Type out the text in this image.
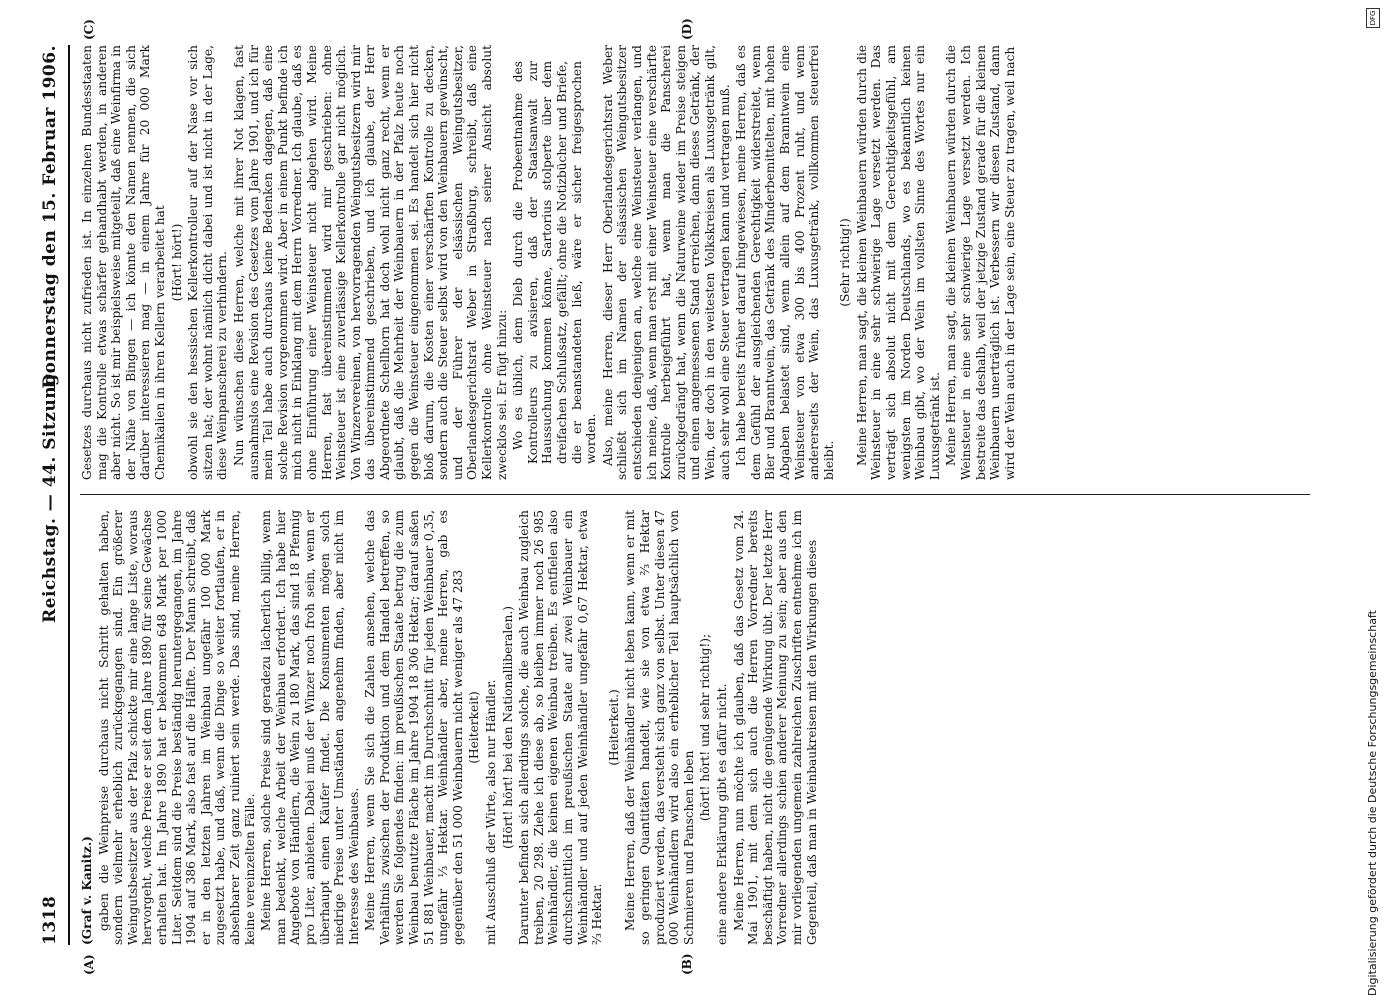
1318
Reichstag. — 44. Sitzung.
Donnerstag den 15. Februar 1906.
(A)	(B)
(C)	(D)

(Graf v. Kanitz.) gaben die Weinpreise durchaus nicht Schritt gehalten haben, sondern vielmehr erheblich zurückgegangen sind. Ein größerer Weingutsbesitzer aus der Pfalz schickte mir eine lange Liste, woraus hervorgeht, welche Preise er seit dem Jahre 1890 für seine Gewächse erhalten hat. Im Jahre 1890 hat er bekommen 648 Mark per 1000 Liter. Seitdem sind die Preise beständig heruntergegangen, im Jahre 1904 auf 386 Mark, also fast auf die Hälfte. Der Mann schreibt, daß er in den letzten Jahren im Weinbau ungefähr 100 000 Mark zugesetzt habe, und daß, wenn die Dinge so weiter fortlaufen, er in absehbarer Zeit ganz ruiniert sein werde. Das sind, meine Herren, keine vereinzelten Fälle. Meine Herren, solche Preise sind geradezu lächerlich billig, wenn man bedenkt, welche Arbeit der Weinbau erfordert. Ich habe hier Angebote von Händlern, die Wein zu 180 Mark, das sind 18 Pfennig pro Liter, anbieten. Dabei muß der Winzer noch froh sein, wenn er überhaupt einen Käufer findet. Die Konsumenten mögen solch niedrige Preise unter Umständen angenehm finden, aber nicht im Interesse des Weinbaues. Meine Herren, wenn Sie sich die Zahlen ansehen, welche das Verhältnis zwischen der Produktion und dem Handel betreffen, so werden Sie folgendes finden: im preußischen Staate betrug die zum Weinbau benutzte Fläche im Jahre 1904 18 306 Hektar; darauf saßen 51 881 Weinbauer, macht im Durchschnitt für jeden Weinbauer 0,35, ungefähr ⅓ Hektar. Weinhändler aber, meine Herren, gab es gegenüber den 51 000 Weinbauern nicht weniger als 47 283 (Heiterkeit) mit Ausschluß der Wirte, also nur Händler. (Hört! hört! bei den Nationalliberalen.) Darunter befinden sich allerdings solche, die auch Weinbau zugleich treiben, 20 298. Ziehe ich diese ab, so bleiben immer noch 26 985 Weinhändler, die keinen eigenen Weinbau treiben. Es entfielen also durchschnittlich im preußischen Staate auf zwei Weinbauer ein Weinhändler und auf jeden Weinhändler ungefähr 0,67 Hektar, etwa ⅔ Hektar.

(Heiterkeit.) Meine Herren, daß der Weinhändler nicht leben kann, wenn er mit so geringen Quantitäten handelt, wie sie von etwa ⅔ Hektar produziert werden, das versteht sich ganz von selbst. Unter diesen 47 000 Weinhändlern wird also ein erheblicher Teil hauptsächlich von Schmieren und Panschen leben

(hört! hört! und sehr richtig!); eine andere Erklärung gibt es dafür nicht. Meine Herren, nun möchte ich glauben, daß das Gesetz vom 24. Mai 1901, mit dem sich auch die Herren Vorredner bereits beschäftigt haben, nicht die genügende Wirkung übt. Der letzte Herr Vorredner allerdings schien anderer Meinung zu sein; aber aus den mir vorliegenden ungemein zahlreichen Zuschriften entnehme ich im Gegenteil, daß man in Weinbaukreisen mit den Wirkungen dieses

Gesetzes durchaus nicht zufrieden ist. In einzelnen Bundesstaaten mag die Kontrolle etwas schärfer gehandhabt werden, in anderen aber nicht. So ist mir beispielsweise mitgeteilt, daß eine Weinfirma in der Nähe von Bingen — ich könnte den Namen nennen, die sich darüber interessieren mag — in einem Jahre für 20 000 Mark Chemikalien in ihren Kellern verarbeitet hat (Hört! hört!) obwohl sie den hessischen Kellerkontrolleur auf der Nase vor sich sitzen hat; der wohnt nämlich dicht dabei und ist nicht in der Lage, diese Weinpanscherei zu verhindern. Nun wünschen diese Herren, welche mit ihrer Not klagen, fast ausnahmslos eine Revision des Gesetzes vom Jahre 1901, und ich für mein Teil habe auch durchaus keine Bedenken dagegen, daß eine solche Revision vorgenommen wird. Aber in einem Punkt befinde ich mich nicht in Einklang mit dem Herrn Vorredner. Ich glaube, daß es ohne Einführung einer Weinsteuer nicht abgehen wird. Meine Herren, fast übereinstimmend wird mir geschrieben: ohne Weinsteuer ist eine zuverlässige Kellerkontrolle gar nicht möglich. Von Winzervereinen, von hervorragenden Weingutsbesitzern wird mir das übereinstimmend geschrieben, und ich glaube, der Herr Abgeordnete Schellhorn hat doch wohl nicht ganz recht, wenn er glaubt, daß die Mehrheit der Weinbauern in der Pfalz heute noch gegen die Weinsteuer eingenommen sei. Es handelt sich hier nicht bloß darum, die Kosten einer verschärften Kontrolle zu decken, sondern auch die Steuer selbst wird von den Weinbauern gewünscht, und der Führer der elsässischen Weingutsbesitzer, Oberlandesgerichtsrat Weber in Straßburg, schreibt, daß eine Kellerkontrolle ohne Weinsteuer nach seiner Ansicht absolut zwecklos sei. Er fügt hinzu: Wo es üblich, dem Dieb durch die Probeentnahme des Kontrolleurs zu avisieren, daß der Staatsanwalt zur Haussuchung kommen könne, Sartorius stolperte über dem dreifachen Schlußsatz, gefällt; ohne die Notizbücher und Briefe, die er beanstandeten ließ, wäre er sicher freigesprochen worden. Also, meine Herren, dieser Herr Oberlandesgerichtsrat Weber schließt sich im Namen der elsässischen Weingutsbesitzer entschieden denjenigen an, welche eine Weinsteuer verlangen, und ich meine, daß, wenn man erst mit einer Weinsteuer eine verschärfte Kontrolle herbeigeführt hat, wenn man die Panscherei zurückgedrängt hat, wenn die Naturweine wieder im Preise steigen und einen angemessenen Stand erreichen, dann dieses Getränk, der Wein, der doch in den weitesten Volkskreisen als Luxusgetränk gilt, auch sehr wohl eine Steuer vertragen kann und vertragen muß. Ich habe bereits früher darauf hingewiesen, meine Herren, daß es dem Gefühl der ausgleichenden Gerechtigkeit widerstreitet, wenn Bier und Branntwein, das Getränk des Minderbemittelten, mit hohen Abgaben belastet sind, wenn allein auf dem Branntwein eine Weinsteuer von etwa 300 bis 400 Prozent ruht, und wenn andererseits der Wein, das Luxusgetränk, vollkommen steuerfrei bleibt.

(Sehr richtig!) Meine Herren, man sagt, die kleinen Weinbauern würden durch die Weinsteuer in eine sehr schwierige Lage versetzt werden. Das verträgt sich absolut nicht mit dem Gerechtigkeitsgefühl, am wenigsten im Norden Deutschlands, wo es bekanntlich keinen Weinbau gibt, wo der Wein im vollsten Sinne des Wortes nur ein Luxusgetränk ist. Meine Herren, man sagt, die kleinen Weinbauern würden durch die Weinsteuer in eine sehr schwierige Lage versetzt werden. Ich bestreite das deshalb, weil der jetzige Zustand gerade für die kleinen Weinbauern unerträglich ist. Verbessern wir diesen Zustand, dann wird der Wein auch in der Lage sein, eine Steuer zu tragen, weil nach

Digitalisierung gefördert durch die Deutsche Forschungsgemeinschaft
DFG
